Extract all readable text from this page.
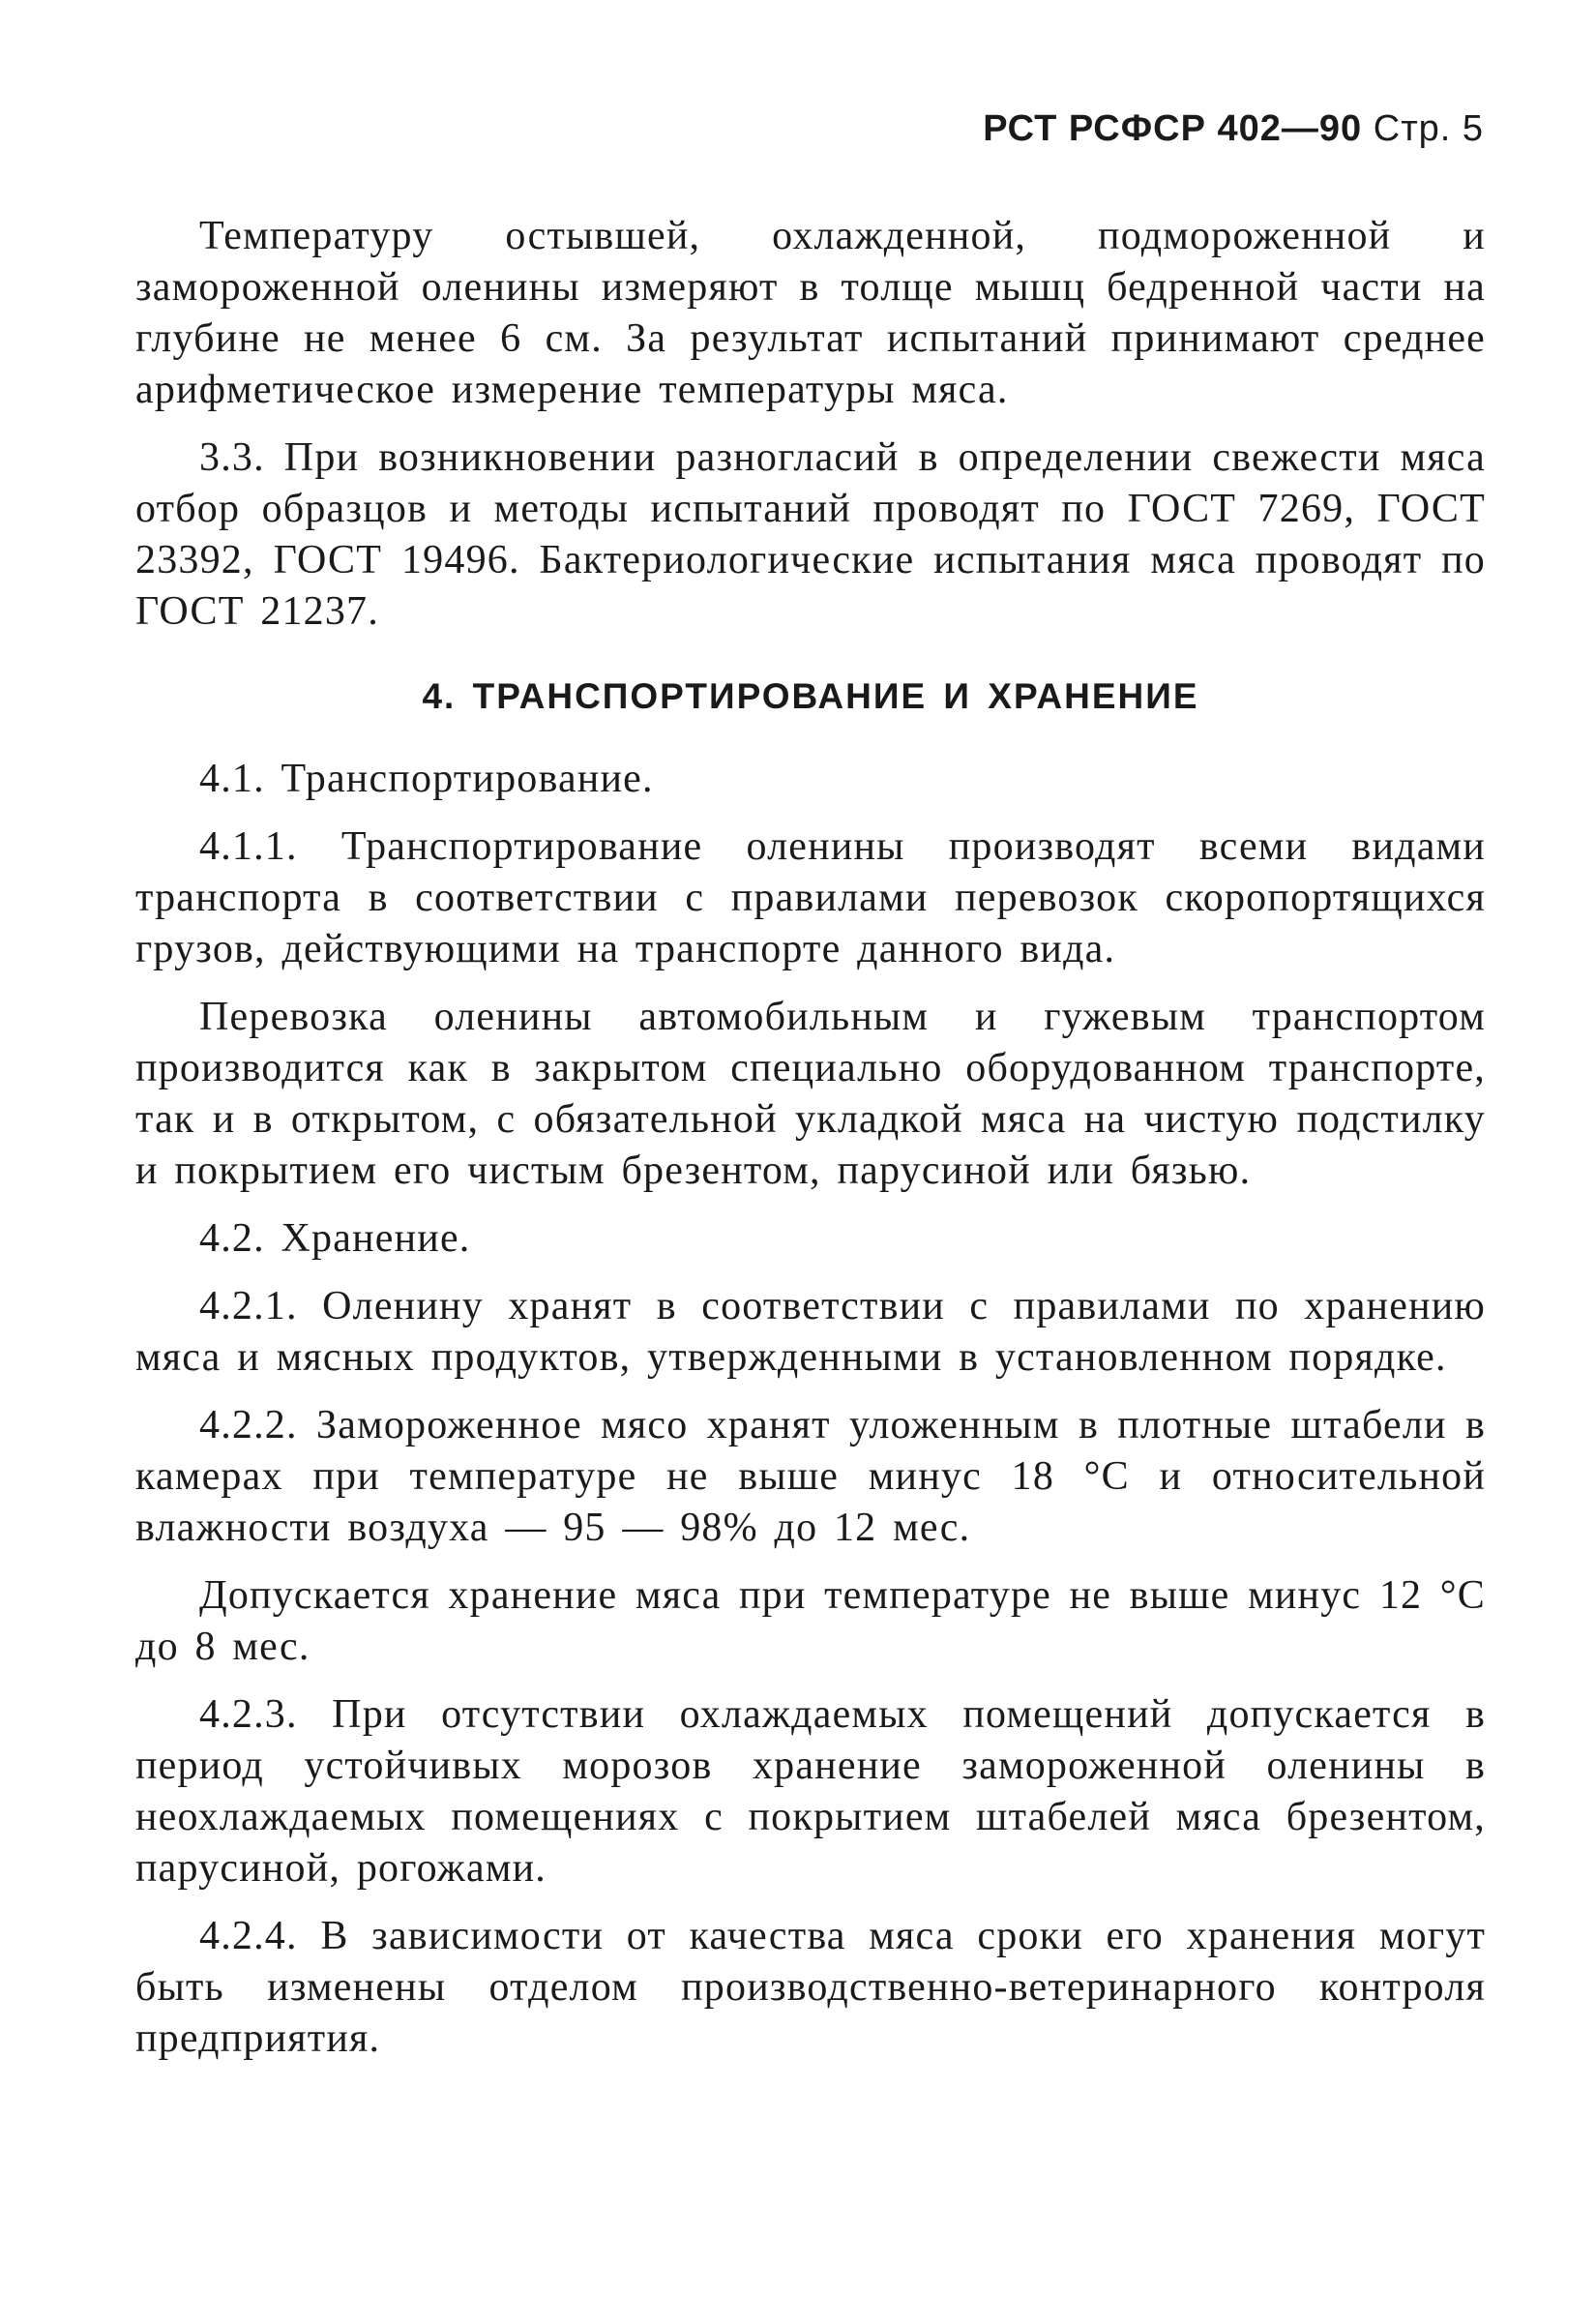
РСТ РСФСР 402—90 Стр. 5

Температуру остывшей, охлажденной, подмороженной и замороженной оленины измеряют в толще мышц бедренной части на глубине не менее 6 см. За результат испытаний принимают среднее арифметическое измерение температуры мяса.

3.3. При возникновении разногласий в определении свежести мяса отбор образцов и методы испытаний проводят по ГОСТ 7269, ГОСТ 23392, ГОСТ 19496. Бактериологические испытания мяса проводят по ГОСТ 21237.

4. ТРАНСПОРТИРОВАНИЕ И ХРАНЕНИЕ

4.1. Транспортирование.

4.1.1. Транспортирование оленины производят всеми видами транспорта в соответствии с правилами перевозок скоропортящихся грузов, действующими на транспорте данного вида.

Перевозка оленины автомобильным и гужевым транспортом производится как в закрытом специально оборудованном транспорте, так и в открытом, с обязательной укладкой мяса на чистую подстилку и покрытием его чистым брезентом, парусиной или бязью.

4.2. Хранение.

4.2.1. Оленину хранят в соответствии с правилами по хранению мяса и мясных продуктов, утвержденными в установленном порядке.

4.2.2. Замороженное мясо хранят уложенным в плотные штабели в камерах при температуре не выше минус 18 °С и относительной влажности воздуха — 95 — 98% до 12 мес.

Допускается хранение мяса при температуре не выше минус 12 °С до 8 мес.

4.2.3. При отсутствии охлаждаемых помещений допускается в период устойчивых морозов хранение замороженной оленины в неохлаждаемых помещениях с покрытием штабелей мяса брезентом, парусиной, рогожами.

4.2.4. В зависимости от качества мяса сроки его хранения могут быть изменены отделом производственно-ветеринарного контроля предприятия.
